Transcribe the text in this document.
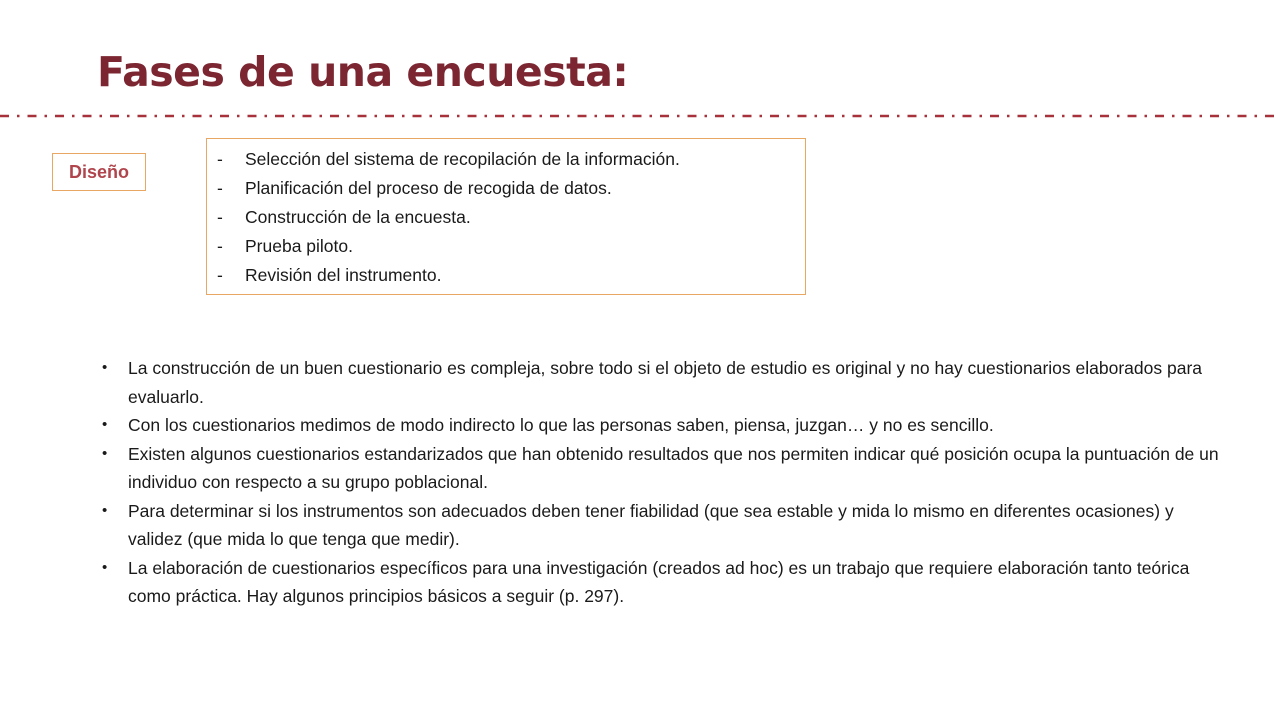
Fases de una encuesta:
Diseño
-	Selección del sistema de recopilación de la información.
-	Planificación del proceso de recogida de datos.
-	Construcción de la encuesta.
-	Prueba piloto.
-	Revisión del instrumento.
•	La construcción de un buen cuestionario es compleja, sobre todo si el objeto de estudio es original y no hay cuestionarios elaborados para evaluarlo.
•	Con los cuestionarios medimos de modo indirecto lo que las personas saben, piensa, juzgan… y no es sencillo.
•	Existen algunos cuestionarios estandarizados que han obtenido resultados que nos permiten indicar qué posición ocupa la puntuación de un individuo con respecto a su grupo poblacional.
•	Para determinar si los instrumentos son adecuados deben tener fiabilidad (que sea estable y mida lo mismo en diferentes ocasiones) y validez (que mida lo que tenga que medir).
•	La elaboración de cuestionarios específicos para una investigación (creados ad hoc) es un trabajo que requiere elaboración tanto teórica como práctica. Hay algunos principios básicos a seguir (p. 297).
